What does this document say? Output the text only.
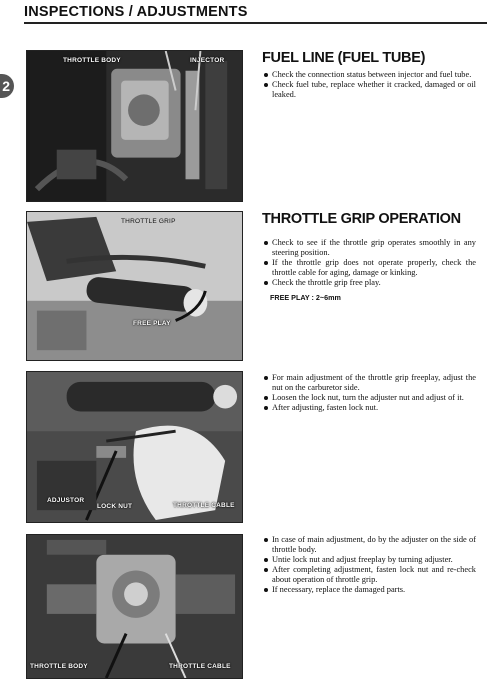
INSPECTIONS / ADJUSTMENTS
2
THROTTLE BODY	INJECTOR	FUEL LINE (FUEL TUBE)
Check the connection status between injector and fuel tube.
Check fuel tube, replace whether it cracked, damaged or oil leaked.
THROTTLE GRIP
FREE PLAY
THROTTLE GRIP OPERATION
Check to see if the throttle grip operates smoothly in any steering position.
If the throttle grip does not operate properly, check the throttle cable for aging, damage or kinking.
Check the throttle grip free play.
FREE PLAY : 2~6mm
ADJUSTOR
LOCK NUT	THROTTLE CABLE
For main adjustment of the throttle grip freeplay, adjust the nut on the carburetor side.
Loosen the lock nut, turn the adjuster nut and adjust of it.
After adjusting, fasten lock nut.
THROTTLE BODY	THROTTLE CABLE
In case of main adjustment, do by the adjuster on the side of throttle body.
Untie lock nut and adjust freeplay by turning adjuster.
After completing adjustment, fasten lock nut and re-check about operation of throttle grip.
If necessary, replace the damaged parts.
